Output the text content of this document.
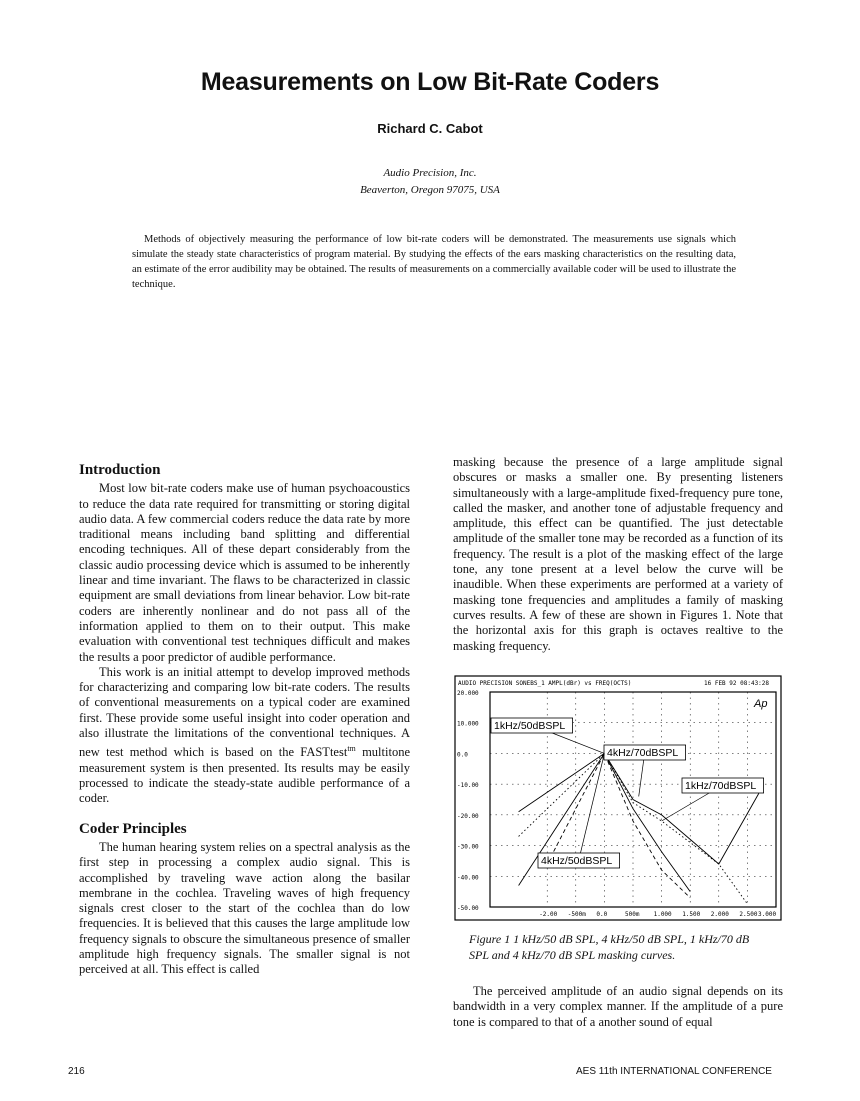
Measurements on Low Bit-Rate Coders
Richard C. Cabot
Audio Precision, Inc.
Beaverton, Oregon 97075, USA
Methods of objectively measuring the performance of low bit-rate coders will be demonstrated. The measurements use signals which simulate the steady state characteristics of program material. By studying the effects of the ears masking characteristics on the resulting data, an estimate of the error audibility may be obtained. The results of measurements on a commercially available coder will be used to illustrate the technique.
Introduction

Most low bit-rate coders make use of human psychoacoustics to reduce the data rate required for transmitting or storing digital audio data. A few commercial coders reduce the data rate by more traditional means including band splitting and differential encoding techniques. All of these depart considerably from the classic audio processing device which is assumed to be inherently linear and time invariant. The flaws to be characterized in classic equipment are small deviations from linear behavior. Low bit-rate coders are inherently nonlinear and do not pass all of the information applied to them on to their output. This make evaluation with conventional test techniques difficult and makes the results a poor predictor of audible performance.

This work is an initial attempt to develop improved methods for characterizing and comparing low bit-rate coders. The results of conventional measurements on a typical coder are examined first. These provide some useful insight into coder operation and also illustrate the limitations of the conventional techniques. A new test method which is based on the FASTtest$^{tm}$ multitone measurement system is then presented. Its results may be easily processed to indicate the steady-state audible performance of a coder.

Coder Principles

The human hearing system relies on a spectral analysis as the first step in processing a complex audio signal. This is accomplished by traveling wave action along the basilar membrane in the cochlea. Traveling waves of high frequency signals crest closer to the start of the cochlea than do low frequencies. It is believed that this causes the large amplitude low frequency signals to obscure the simultaneous presence of smaller amplitude high frequency signals. The smaller signal is not perceived at all. This effect is called

masking because the presence of a large amplitude signal obscures or masks a smaller one. By presenting listeners simultaneously with a large-amplitude fixed-frequency pure tone, called the masker, and another tone of adjustable frequency and amplitude, this effect can be quantified. The just detectable amplitude of the smaller tone may be recorded as a function of its frequency. The result is a plot of the masking effect of the large tone, any tone present at a level below the curve will be inaudible. When these experiments are performed at a variety of masking tone frequencies and amplitudes a family of masking curves results. A few of these are shown in Figures 1. Note that the horizontal axis for this graph is octaves realtive to the masking frequency.

AUDIO PRECISION SONEBS_1 AMPL(dBr) vs FREQ(OCTS)	16 FEB 92 08:43:28
Ap
20.000
10.000
0.0
-10.00
-20.00
-30.00
-40.00
-50.00
-2.00 -500m 0.0	500m 1.000 1.500 2.000 2.500 3.000
1kHz/50dBSPL
4kHz/70dBSPL
1kHz/70dBSPL
4kHz/50dBSPL
Figure 1 1 kHz/50 dB SPL, 4 kHz/50 dB SPL, 1 kHz/70 dB SPL and 4 kHz/70 dB SPL masking curves.

The perceived amplitude of an audio signal depends on its bandwidth in a very complex manner. If the amplitude of a pure tone is compared to that of a another sound of equal

216	AES 11th INTERNATIONAL CONFERENCE
